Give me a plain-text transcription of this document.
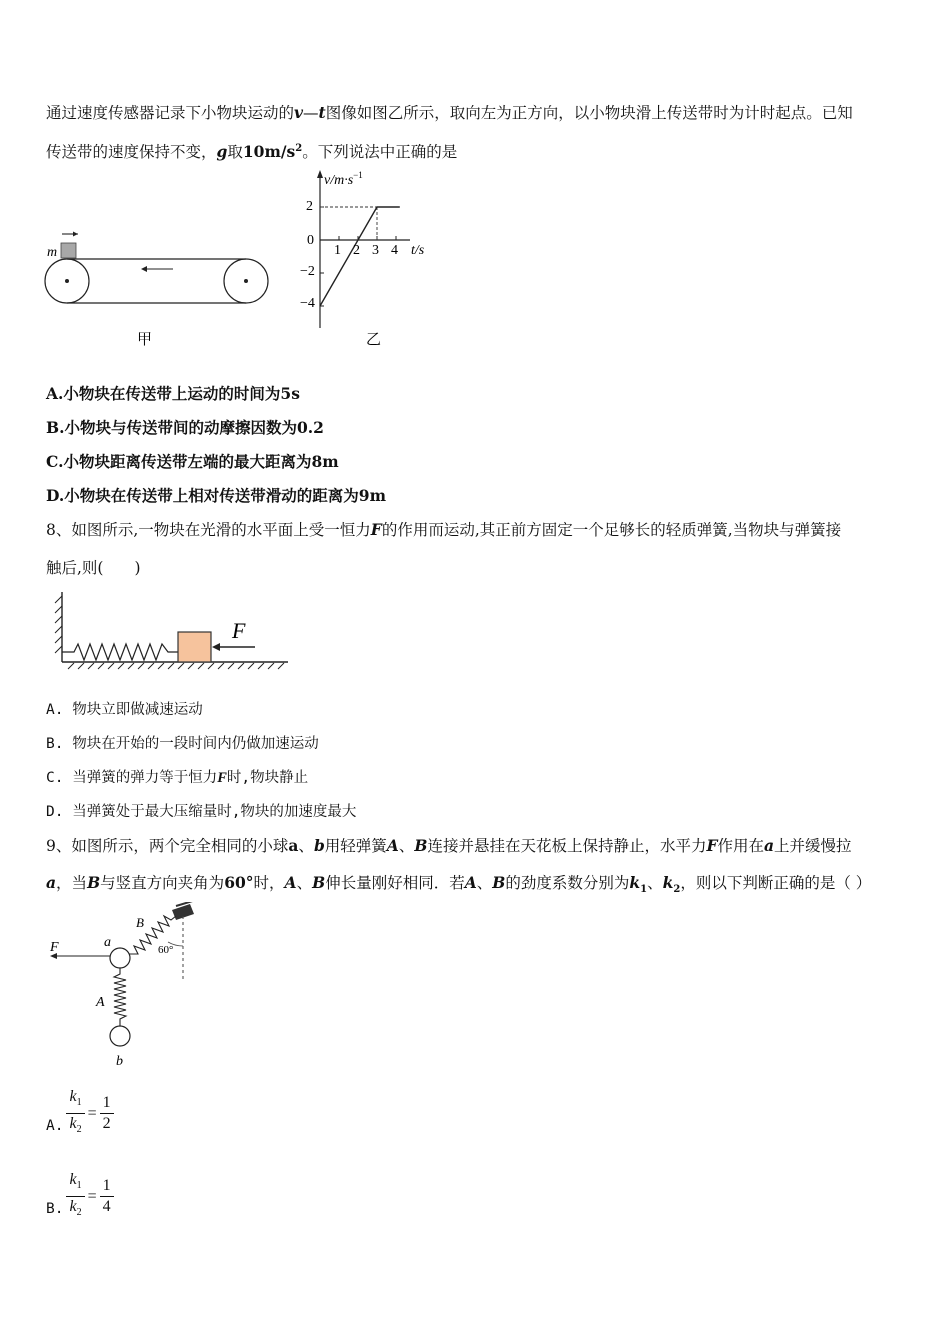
通过速度传感器记录下小物块运动的v—t图像如图乙所示，取向左为正方向，以小物块滑上传送带时为计时起点。已知
传送带的速度保持不变，g取$10m/s^2$。下列说法中正确的是
m
甲
$v/m\cdot s^{-1}$
0
2
−2
−4
1 2 3 4 t/s
乙
A.小物块在传送带上运动的时间为5s
B.小物块与传送带间的动摩擦因数为0.2
C.小物块距离传送带左端的最大距离为8m
D.小物块在传送带上相对传送带滑动的距离为9m
8、如图所示,一物块在光滑的水平面上受一恒力F的作用而运动,其正前方固定一个足够长的轻质弹簧,当物块与弹簧接
触后,则(　　)
F
A. 物块立即做减速运动
B. 物块在开始的一段时间内仍做加速运动
C. 当弹簧的弹力等于恒力F时,物块静止
D. 当弹簧处于最大压缩量时,物块的加速度最大
9、如图所示，两个完全相同的小球a、b用轻弹簧A、B连接并悬挂在天花板上保持静止，水平力F作用在a上并缓慢拉
a，当B与竖直方向夹角为60°时，A、B伸长量刚好相同．若A、B的劲度系数分别为$k_1$、$k_2$，则以下判断正确的是（ ）
60°
B
a
F
A
b
A. $\frac{k_1}{k_2} = \frac{1}{2}$
B. $\frac{k_1}{k_2} = \frac{1}{4}$
